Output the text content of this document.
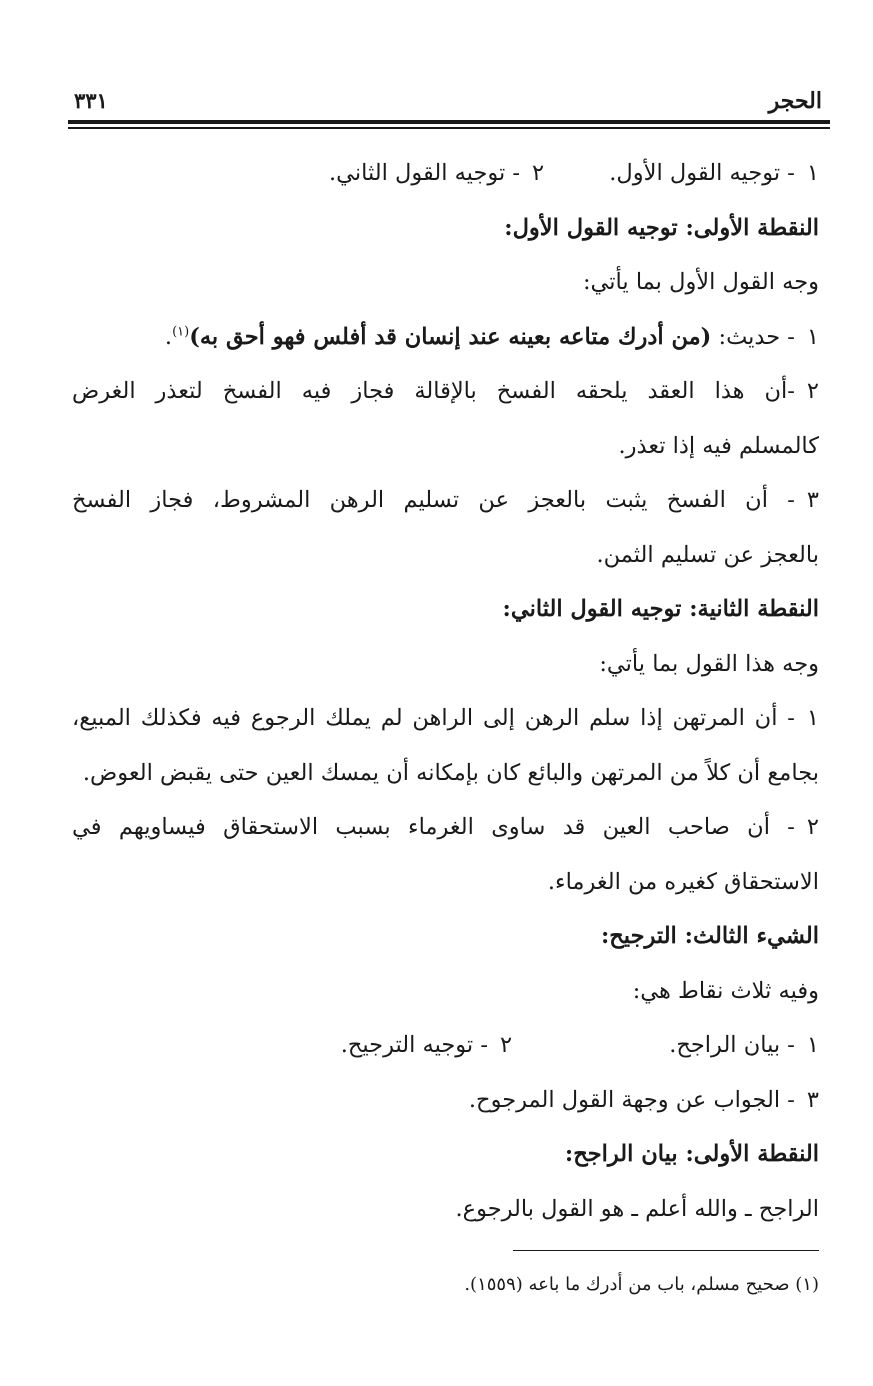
الحجر
٣٣١
١- توجيه القول الأول. ٢- توجيه القول الثاني.
النقطة الأولى: توجيه القول الأول:
وجه القول الأول بما يأتي:
١- حديث: (من أدرك متاعه بعينه عند إنسان قد أفلس فهو أحق به)$^{(١)}$.
٢-أن هذا العقد يلحقه الفسخ بالإقالة فجاز فيه الفسخ لتعذر الغرض
كالمسلم فيه إذا تعذر.
٣- أن الفسخ يثبت بالعجز عن تسليم الرهن المشروط، فجاز الفسخ
بالعجز عن تسليم الثمن.
النقطة الثانية: توجيه القول الثاني:
وجه هذا القول بما يأتي:
١- أن المرتهن إذا سلم الرهن إلى الراهن لم يملك الرجوع فيه فكذلك المبيع،
بجامع أن كلاً من المرتهن والبائع كان بإمكانه أن يمسك العين حتى يقبض العوض.
٢- أن صاحب العين قد ساوى الغرماء بسبب الاستحقاق فيساويهم في
الاستحقاق كغيره من الغرماء.
الشيء الثالث: الترجيح:
وفيه ثلاث نقاط هي:
١- بيان الراجح. ٢- توجيه الترجيح.
٣- الجواب عن وجهة القول المرجوح.
النقطة الأولى: بيان الراجح:
الراجح ـ والله أعلم ـ هو القول بالرجوع.
(١) صحيح مسلم، باب من أدرك ما باعه (١٥٥٩).
